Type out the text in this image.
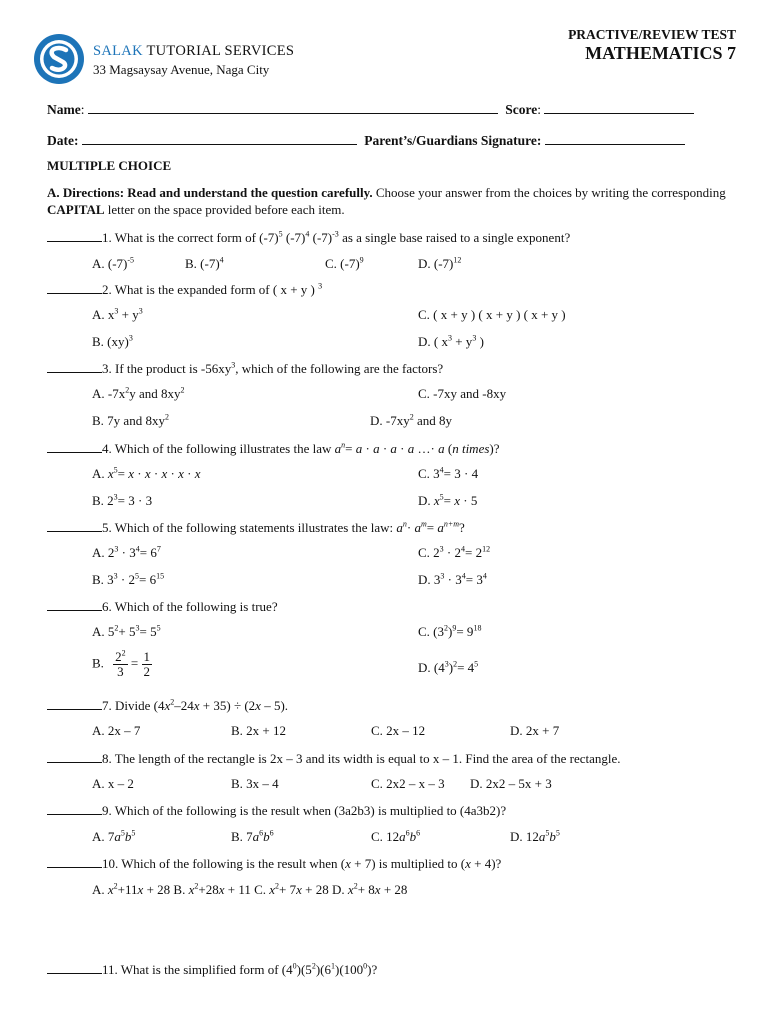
SALAK TUTORIAL SERVICES
33 Magsaysay Avenue, Naga City
PRACTIVE/REVIEW TEST
MATHEMATICS 7
Name:	Score:
Date:	Parent’s/Guardians Signature:
MULTIPLE CHOICE
A. Directions: Read and understand the question carefully. Choose your answer from the choices by writing the corresponding CAPITAL letter on the space provided before each item.
1. What is the correct form of $(-7)^5$ $(-7)^4$ $(-7)^{-3}$ as a single base raised to a single exponent?
A. $(-7)^{-5}$	B. $(-7)^4$	C. $(-7)^9$	D. $(-7)^{12}$
2. What is the expanded form of ( x + y ) $^3$
A. $x^3 + y^3$	C. ( x + y ) ( x + y ) ( x + y )
B. (xy)$^3$	D. ( $x^3 + y^3$ )
3. If the product is $-56xy^3$, which of the following are the factors?
A. $-7x^2y$ and $8xy^2$	C. -7xy and -8xy
B. 7y and $8xy^2$	D. $-7xy^2$ and 8y
4. Which of the following illustrates the law $a^n= a \cdot a \cdot a \cdot a$ …· a (n times)?
A. $x^5= x \cdot x \cdot x \cdot x \cdot x$	C. $3^4= 3 \cdot 4$
B. $2^3= 3 \cdot 3$	D. $x^5= x \cdot 5$
5. Which of the following statements illustrates the law: $a^n\cdot a^m= a^{n+m}$?
A. $2^3 \cdot 3^4= 6^7$	C. $2^3 \cdot 2^4= 2^{12}$
B. $3^3 \cdot 2^5= 6^{15}$	D. $3^3 \cdot 3^4= 3^4$
6. Which of the following is true?
A. $5^2+ 5^3= 5^5$	C. $(3^2)^9= 9^{18}$
B. $\frac{2^2}{3} = \frac{1}{2}$	D. $(4^3)^2= 4^5$
7. Divide $(4x^2-24x + 35) \div (2x - 5)$.
A. 2x – 7	B. 2x + 12	C. 2x – 12	D. 2x + 7
8. The length of the rectangle is 2x – 3 and its width is equal to x – 1. Find the area of the rectangle.
A. x – 2	B. 3x – 4	C. 2x2 – x – 3 D. 2x2 – 5x + 3
9. Which of the following is the result when (3a2b3) is multiplied to (4a3b2)?
A. $7a^5b^5$	B. $7a^6b^6$	C. $12a^6b^6$	D. $12a^5b^5$
10. Which of the following is the result when (x + 7) is multiplied to (x + 4)?
A. $x^2+11x + 28$ B. $x^2+28x + 11$ C. $x^2+ 7x + 28$ D. $x^2+ 8x + 28$
11. What is the simplified form of $(4^0)(5^2)(6^1)(100^0)$?
